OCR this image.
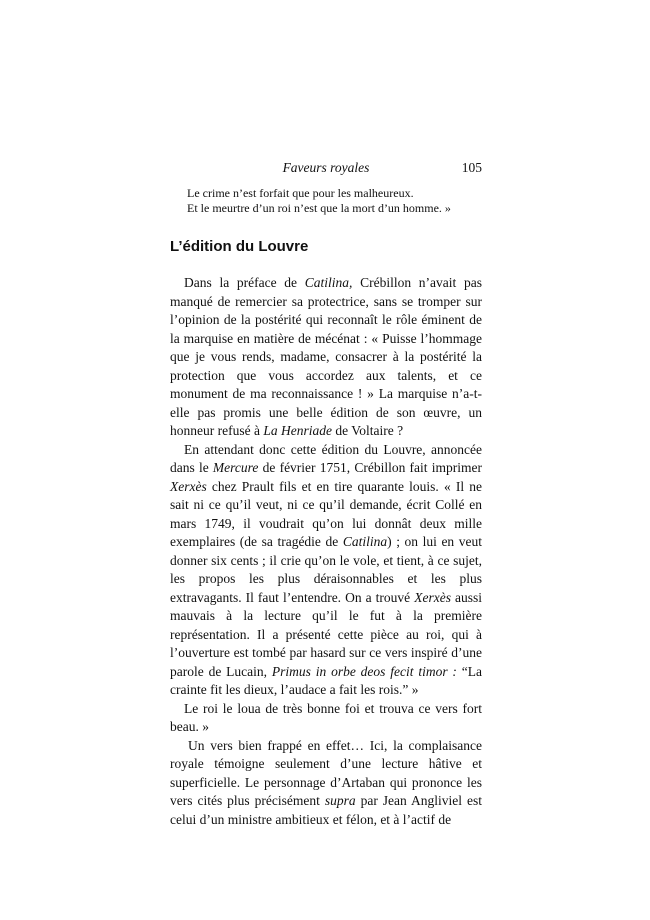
Faveurs royales	105
Le crime n’est forfait que pour les malheureux.
Et le meurtre d’un roi n’est que la mort d’un homme. »
L’édition du Louvre

Dans la préface de Catilina, Crébillon n’avait pas manqué de remercier sa protectrice, sans se tromper sur l’opinion de la postérité qui reconnaît le rôle éminent de la marquise en matière de mécénat : « Puisse l’hommage que je vous rends, madame, consacrer à la postérité la protection que vous accordez aux talents, et ce monument de ma reconnaissance ! » La marquise n’a-t-elle pas promis une belle édition de son œuvre, un honneur refusé à La Henriade de Voltaire ?

En attendant donc cette édition du Louvre, annoncée dans le Mercure de février 1751, Crébillon fait imprimer Xerxès chez Prault fils et en tire quarante louis. « Il ne sait ni ce qu’il veut, ni ce qu’il demande, écrit Collé en mars 1749, il voudrait qu’on lui donnât deux mille exemplaires (de sa tragédie de Catilina) ; on lui en veut donner six cents ; il crie qu’on le vole, et tient, à ce sujet, les propos les plus déraisonnables et les plus extravagants. Il faut l’entendre. On a trouvé Xerxès aussi mauvais à la lecture qu’il le fut à la première représentation. Il a présenté cette pièce au roi, qui à l’ouverture est tombé par hasard sur ce vers inspiré d’une parole de Lucain, Primus in orbe deos fecit timor : “La crainte fit les dieux, l’audace a fait les rois.” »

Le roi le loua de très bonne foi et trouva ce vers fort beau. »

Un vers bien frappé en effet… Ici, la complaisance royale témoigne seulement d’une lecture hâtive et superficielle. Le personnage d’Artaban qui prononce les vers cités plus précisément supra par Jean Angliviel est celui d’un ministre ambitieux et félon, et à l’actif de
